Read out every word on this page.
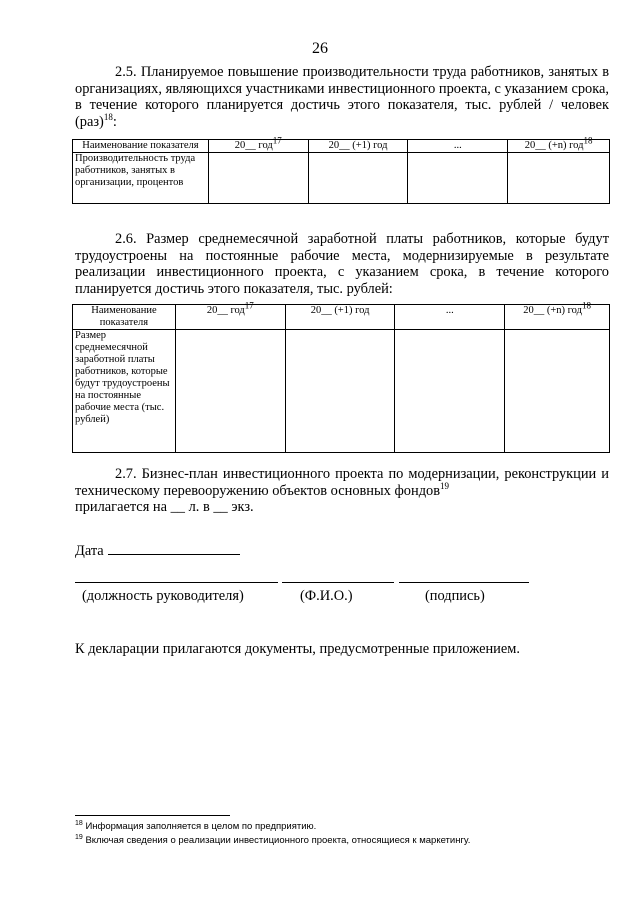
26

2.5. Планируемое повышение производительности труда работников, занятых в организациях, являющихся участниками инвестиционного проекта, с указанием срока, в течение которого планируется достичь этого показателя, тыс. рублей / человек (раз)$^{18}$:

Наименование показателя	20__ год$^{17}$	20__ (+1) год	...	20__ (+n) год$^{18}$
Производительность труда работников, занятых в организации, процентов				

2.6. Размер среднемесячной заработной платы работников, которые будут трудоустроены на постоянные рабочие места, модернизируемые в результате реализации инвестиционного проекта, с указанием срока, в течение которого планируется достичь этого показателя, тыс. рублей:

Наименование показателя	20__ год$^{17}$	20__ (+1) год	...	20__ (+n) год$^{18}$
Размер среднемесячной заработной платы работников, которые будут трудоустроены на постоянные рабочие места (тыс. рублей)				

2.7. Бизнес-план инвестиционного проекта по модернизации, реконструкции и техническому перевооружению объектов основных фондов$^{19}$
прилагается на __ л. в __ экз.

Дата
(должность руководителя)	(Ф.И.О.)	(подпись)
К декларации прилагаются документы, предусмотренные приложением.
$^{18}$ Информация заполняется в целом по предприятию.
$^{19}$ Включая сведения о реализации инвестиционного проекта, относящиеся к маркетингу.
